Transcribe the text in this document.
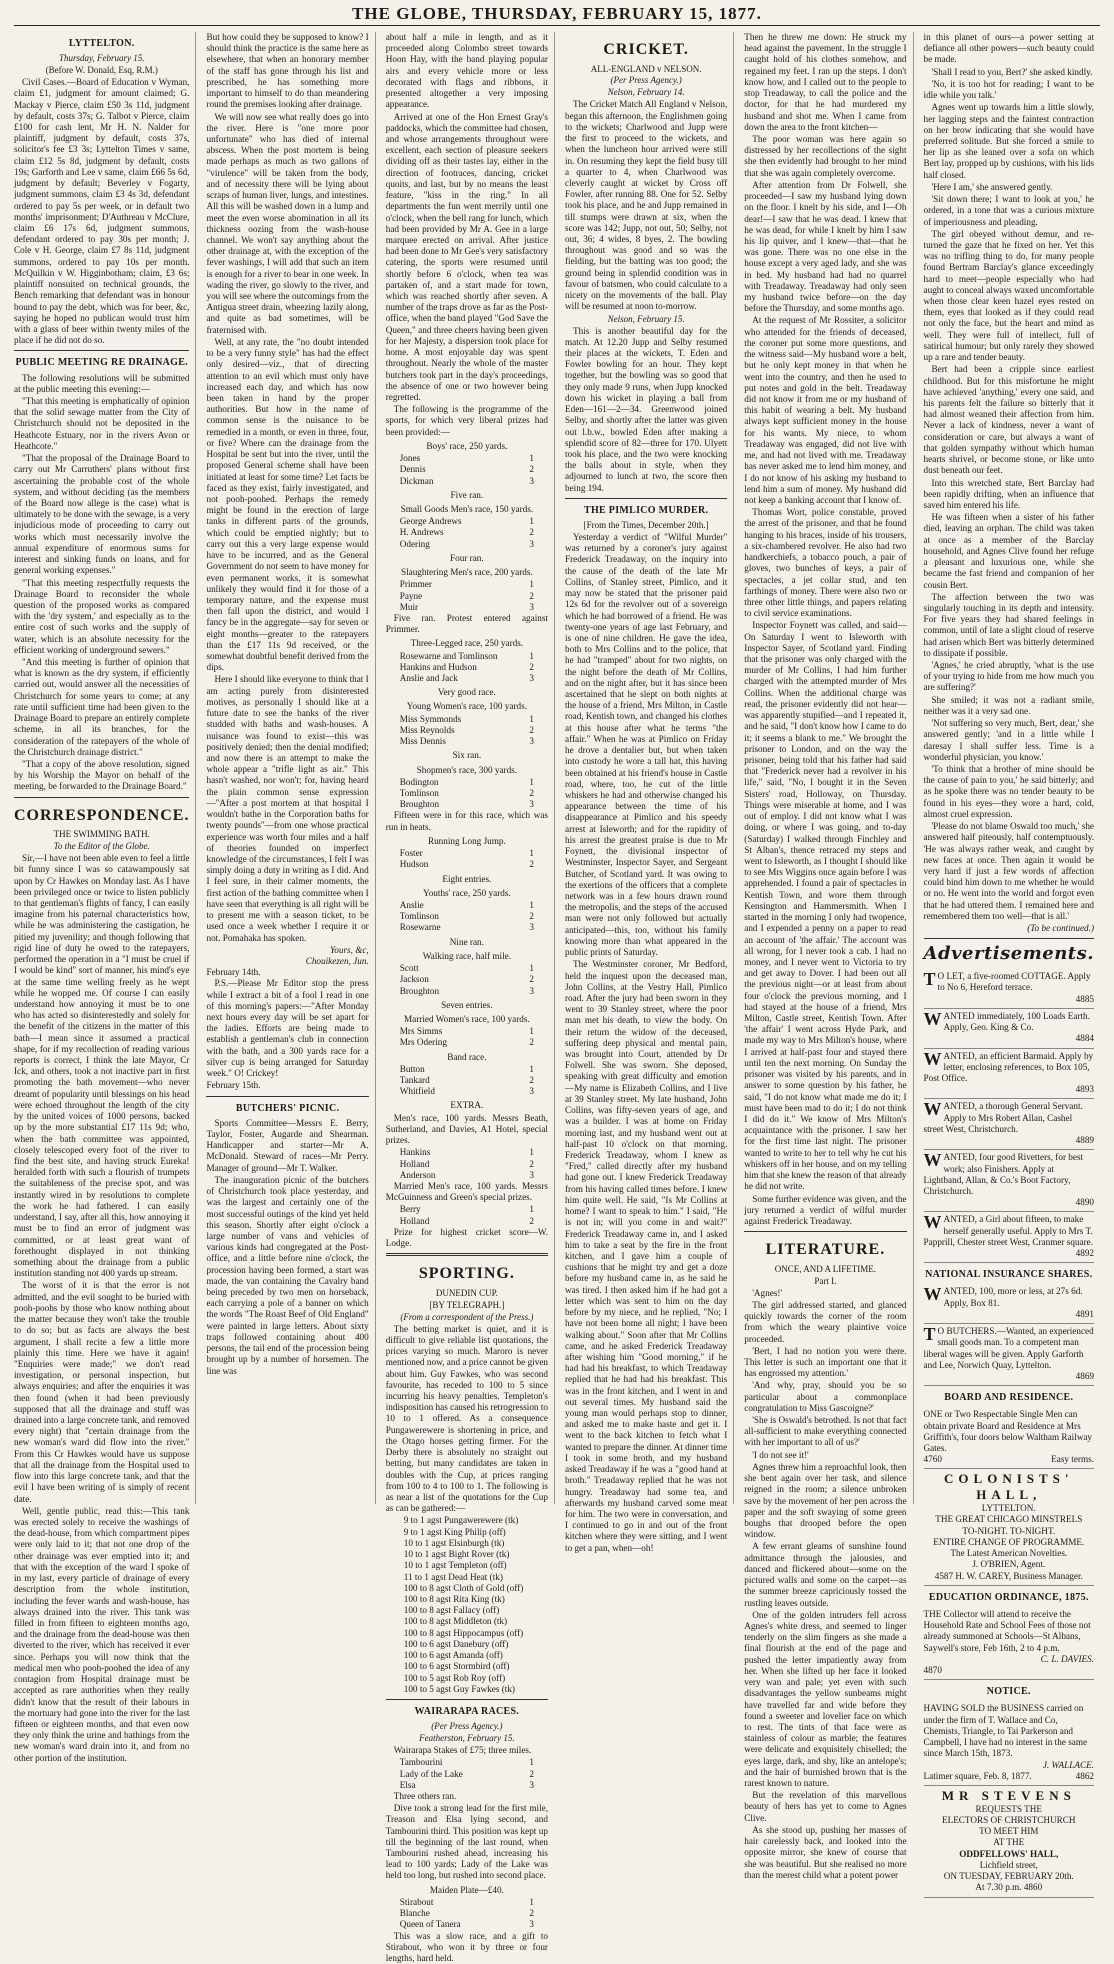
THE GLOBE, THURSDAY, FEBRUARY 15, 1877.
LYTTELTON.
Thursday, February 15.
(Before W. Donald, Esq, R.M.)

Civil Cases.—Board of Education v Wyman, claim £1, judgment for amount claimed; G. Mackay v Pierce, claim £50 3s 11d, judgment by default, costs 37s; G. Talbot v Pierce, claim £100 for cash lent, Mr H. N. Nalder for plaintiff, judgment by default, costs 37s, solicitor's fee £3 3s; Lyttelton Times v same, claim £12 5s 8d, judgment by default, costs 19s; Garforth and Lee v same, claim £66 5s 6d, judgment by default; Beverley v Fogarty, judgment summons, claim £3 4s 3d, defendant ordered to pay 5s per week, or in default two months' imprisonment; D'Authreau v McClure, claim £6 17s 6d, judgment summons, defendant ordered to pay 30s per month; J. Cole v H. George, claim £7 8s 11d, judgment summons, ordered to pay 10s per month. McQuilkin v W. Higginbotham; claim, £3 6s; plaintiff nonsuited on technical grounds, the Bench remarking that defendant was in honour bound to pay the debt, which was for beer, &c, saying he hoped no publican would trust him with a glass of beer within twenty miles of the place if he did not do so.

PUBLIC MEETING RE DRAINAGE.

The following resolutions will be submitted at the public meeting this evening:—

"That this meeting is emphatically of opinion that the solid sewage matter from the City of Christchurch should not be deposited in the Heathcote Estuary, nor in the rivers Avon or Heathcote."

"That the proposal of the Drainage Board to carry out Mr Carruthers' plans without first ascertaining the probable cost of the whole system, and without deciding (as the members of the Board now allege is the case) what is ultimately to be done with the sewage, is a very injudicious mode of proceeding to carry out works which must necessarily involve the annual expenditure of enormous sums for interest and sinking funds on loans, and for general working expenses."

"That this meeting respectfully requests the Drainage Board to reconsider the whole question of the proposed works as compared with the 'dry system,' and especially as to the entire cost of such works and the supply of water, which is an absolute necessity for the efficient working of underground sewers."

"And this meeting is further of opinion that what is known as the dry system, if efficiently carried out, would answer all the necessities of Christchurch for some years to come; at any rate until sufficient time had been given to the Drainage Board to prepare an entirely complete scheme, in all its branches, for the consideration of the ratepayers of the whole of the Christchurch drainage district."

"That a copy of the above resolution, signed by his Worship the Mayor on behalf of the meeting, be forwarded to the Drainage Board."

CORRESPONDENCE.
THE SWIMMING BATH.
To the Editor of the Globe.

Sir,—I have not been able even to feel a little bit funny since I was so catawampously sat upon by Cr Hawkes on Monday last. As I have been privileged once or twice to listen publicly to that gentleman's flights of fancy, I can easily imagine from his paternal characteristics how, while he was administering the castigation, he pitied my juvenility; and though following that rigid line of duty he owed to the ratepayers, performed the operation in a "I must be cruel if I would be kind" sort of manner, his mind's eye at the same time welling freely as he wept while he wopped me. Of course I can easily understand how annoying it must be to one who has acted so disinterestedly and solely for the benefit of the citizens in the matter of this bath—I mean since it assumed a practical shape, for if my recollection of reading various reports is correct, I think the late Mayor, Cr Ick, and others, took a not inactive part in first promoting the bath movement—who never dreamt of popularity until blessings on his head were echoed throughout the length of the city by the united voices of 1000 persons, backed up by the more substantial £17 11s 9d; who, when the bath committee was appointed, closely telescoped every foot of the river to find the best site, and having struck Eureka! heralded forth with such a flourish of trumpets the suitableness of the precise spot, and was instantly wired in by resolutions to complete the work he had fathered. I can easily understand, I say, after all this, how annoying it must be to find an error of judgment was committed, or at least great want of forethought displayed in not thinking something about the drainage from a public institution standing not 400 yards up stream.

The worst of it is that the error is not admitted, and the evil sought to be buried with pooh-poohs by those who know nothing about the matter because they won't take the trouble to do so; but as facts are always the best argument, I shall recite a few a little more plainly this time. Here we have it again! "Enquiries were made;" we don't read investigation, or personal inspection, but always enquiries; and after the enquiries it was then found (when it had been previously supposed that all the drainage and stuff was drained into a large concrete tank, and removed every night) that "certain drainage from the new woman's ward did flow into the river." From this Cr Hawkes would have us suppose that all the drainage from the Hospital used to flow into this large concrete tank, and that the evil I have been writing of is simply of recent date.

Well, gentle public, read this:—This tank was erected solely to receive the washings of the dead-house, from which compartment pipes were only laid to it; that not one drop of the other drainage was ever emptied into it; and that with the exception of the ward I spoke of in my last, every particle of drainage of every description from the whole institution, including the fever wards and wash-house, has always drained into the river. This tank was filled in from fifteen to eighteen months ago, and the drainage from the dead-house was then diverted to the river, which has received it ever since. Perhaps you will now think that the medical men who pooh-poohed the idea of any contagion from Hospital drainage must be accepted as rare authorities when they really didn't know that the result of their labours in the mortuary had gone into the river for the last fifteen or eighteen months, and that even now they only think the urine and bathings from the new woman's ward drain into it, and from no other portion of the institution.

But how could they be supposed to know? I should think the practice is the same here as elsewhere, that when an honorary member of the staff has gone through his list and prescribed, he has something more important to himself to do than meandering round the premises looking after drainage.

We will now see what really does go into the river. Here is "one more poor unfortunate" who has died of internal abscess. When the post mortem is being made perhaps as much as two gallons of "virulence" will be taken from the body, and of necessity there will be lying about scraps of human liver, lungs, and intestines. All this will be washed down in a lump and meet the even worse abomination in all its thickness oozing from the wash-house channel. We won't say anything about the other drainage at, with the exception of the fever washings, I will add that such an item is enough for a river to bear in one week. In wading the river, go slowly to the river, and you will see where the outcomings from the Antigua street drain, wheezing lazily along, and quite as bad sometimes, will be fraternised with.

Well, at any rate, the "no doubt intended to be a very funny style" has had the effect only desired—viz., that of directing attention to an evil which must only have increased each day, and which has now been taken in hand by the proper authorities. But how in the name of common sense is the nuisance to be remedied in a month, or even in three, four, or five? Where can the drainage from the Hospital be sent but into the river, until the proposed General scheme shall have been initiated at least for some time? Let facts be faced as they exist, fairly investigated, and not pooh-poohed. Perhaps the remedy might be found in the erection of large tanks in different parts of the grounds, which could be emptied nightly; but to carry out this a very large expense would have to be incurred, and as the General Government do not seem to have money for even permanent works, it is somewhat unlikely they would find it for those of a temporary nature, and the expense must then fall upon the district, and would I fancy be in the aggregate—say for seven or eight months—greater to the ratepayers than the £17 11s 9d received, or the somewhat doubtful benefit derived from the dips.

Here I should like everyone to think that I am acting purely from disinterested motives, as personally I should like at a future date to see the banks of the river studded with baths and wash-houses. A nuisance was found to exist—this was positively denied; then the denial modified; and now there is an attempt to make the whole appear a "trifle light as air." This hasn't washed, nor won't; for, having heard the plain common sense expression—"After a post mortem at that hospital I wouldn't bathe in the Corporation baths for twenty pounds"—from one whose practical experience was worth four miles and a half of theories founded on imperfect knowledge of the circumstances, I felt I was simply doing a duty in writing as I did. And I feel sure, in their calmer moments, the first action of the bathing committee when I have seen that everything is all right will be to present me with a season ticket, to be used once a week whether I require it or not. Pomahaka has spoken.

Yours, &c,
Chouikezen, Jun.
February 14th.

P.S.—Please Mr Editor stop the press while I extract a bit of a fool I read in one of this morning's papers:—"After Monday next hours every day will be set apart for the ladies. Efforts are being made to establish a gentleman's club in connection with the bath, and a 300 yards race for a silver cup is being arranged for Saturday week." O! Crickey!

February 15th.
BUTCHERS' PICNIC.

Sports Committee—Messrs E. Berry, Taylor, Foster, Augarde and Shearman. Handicapper and starter—Mr A. McDonald. Steward of races—Mr Perry. Manager of ground—Mr T. Walker.

The inauguration picnic of the butchers of Christchurch took place yesterday, and was the largest and certainly one of the most successful outings of the kind yet held this season. Shortly after eight o'clock a large number of vans and vehicles of various kinds had congregated at the Post-office, and a little before nine o'clock, the procession having been formed, a start was made, the van containing the Cavalry band being preceded by two men on horseback, each carrying a pole of a banner on which the words "The Roast Beef of Old England" were painted in large letters. About sixty traps followed containing about 400 persons, the tail end of the procession being brought up by a number of horsemen. The line was

about half a mile in length, and as it proceeded along Colombo street towards Hoon Hay, with the band playing popular airs and every vehicle more or less decorated with flags and ribbons, it presented altogether a very imposing appearance.

Arrived at one of the Hon Ernest Gray's paddocks, which the committee had chosen, and whose arrangements throughout were excellent, each section of pleasure seekers dividing off as their tastes lay, either in the direction of footraces, dancing, cricket quoits, and last, but by no means the least feature, "kiss in the ring." In all departments the fun went merrily until one o'clock, when the bell rang for lunch, which had been provided by Mr A. Gee in a large marquee erected on arrival. After justice had been done to Mr Gee's very satisfactory catering, the sports were resumed until shortly before 6 o'clock, when tea was partaken of, and a start made for town, which was reached shortly after seven. A number of the traps drove as far as the Post-office, when the band played "God Save the Queen," and three cheers having been given for her Majesty, a dispersion took place for home. A most enjoyable day was spent throughout. Nearly the whole of the master butchers took part in the day's proceedings, the absence of one or two however being regretted.

The following is the programme of the sports, for which very liberal prizes had been provided:—

Boys' race, 250 yards.
Jones	1
Dennis	2
Dickman	3
Five ran.
Small Goods Men's race, 150 yards.
George Andrews	1
H. Andrews	2
Odering	3
Four ran.
Slaughtering Men's race, 200 yards.
Primmer	1
Payne	2
Muir	3

Five ran. Protest entered against Primmer.

Three-Legged race, 250 yards.
Rosewarne and Tomlinson	1
Hankins and Hudson	2
Anslie and Jack	3
Very good race.
Young Women's race, 100 yards.
Miss Symmonds	1
Miss Reynolds	2
Miss Dennis	3
Six ran.
Shopmen's race, 300 yards.
Bodington	1
Tomlinson	2
Broughton	3

Fifteen were in for this race, which was run in heats.

Running Long Jump.
Foster	1
Hudson	2
Eight entries.
Youths' race, 250 yards.
Anslie	1
Tomlinson	2
Rosewarne	3
Nine ran.
Walking race, half mile.
Scott	1
Jackson	2
Broughton	3
Seven entries.
Married Women's race, 100 yards.
Mrs Simms	1
Mrs Odering	2
Band race.
Button	1
Tankard	2
Whitfield	3
EXTRA.

Men's race, 100 yards. Messrs Beath, Sutherland, and Davies, A1 Hotel, special prizes.

Hankins	1
Holland	2
Anderson	3

Married Men's race, 100 yards. Messrs McGuinness and Green's special prizes.

Berry	1
Holland	2

Prize for highest cricket score—W. Lodge.

SPORTING.
DUNEDIN CUP.
[BY TELEGRAPH.]
(From a correspondent of the Press.)

The betting market is quiet, and it is difficult to give reliable list quotations, the prices varying so much. Maroro is never mentioned now, and a price cannot be given about him. Guy Fawkes, who was second favourite, has receded to 100 to 5 since incurring his heavy penalties. Templeton's indisposition has caused his retrogression to 10 to 1 offered. As a consequence Pungawerewere is shortening in price, and the Otago horses getting firmer. For the Derby there is absolutely no straight out betting, but many candidates are taken in doubles with the Cup, at prices ranging from 100 to 4 to 100 to 1. The following is as near a list of the quotations for the Cup as can be gathered:—

9 to 1 agst Pungawerewere (tk)
9 to 1 agst King Philip (off)
10 to 1 agst Elsinburgh (tk)
10 to 1 agst Bight Rover (tk)
10 to 1 agst Templeton (off)
11 to 1 agst Dead Heat (tk)
100 to 8 agst Cloth of Gold (off)
100 to 8 agst Rita King (tk)
100 to 8 agst Fallacy (off)
100 to 8 agst Middleton (tk)
100 to 8 agst Hippocampus (off)
100 to 6 agst Danebury (off)
100 to 6 agst Amanda (off)
100 to 6 agst Stormbird (off)
100 to 5 agst Rob Roy (off)
100 to 5 agst Guy Fawkes (tk)
WAIRARAPA RACES.
(Per Press Agency.)
Featherston, February 15.

Wairarapa Stakes of £75; three miles.

Tambourini	1
Lady of the Lake	2
Elsa	3

Three others ran.

Dive took a strong lead for the first mile, Treason and Elsa lying second, and Tambourini third. This position was kept up till the beginning of the last round, when Tambourini rushed ahead, increasing his lead to 100 yards; Lady of the Lake was held too long, but rushed into second place.

Maiden Plate—£40.
Stirabout	1
Blanche	2
Queen of Tanera	3

This was a slow race, and a gift to Stirabout, who won it by three or four lengths, hard held.

CRICKET.
ALL-ENGLAND v NELSON.
(Per Press Agency.)
Nelson, February 14.

The Cricket Match All England v Nelson, began this afternoon, the Englishmen going to the wickets; Charlwood and Jupp were the first to proceed to the wickets, and when the luncheon hour arrived were still in. On resuming they kept the field busy till a quarter to 4, when Charlwood was cleverly caught at wicket by Cross off Fowler, after running 88. One for 52. Selby took his place, and he and Jupp remained in till stumps were drawn at six, when the score was 142; Jupp, not out, 50; Selby, not out, 36; 4 wides, 8 byes, 2. The bowling throughout was good and so was the fielding, but the batting was too good; the ground being in splendid condition was in favour of batsmen, who could calculate to a nicety on the movements of the ball. Play will be resumed at noon to-morrow.

Nelson, February 15.

This is another beautiful day for the match. At 12.20 Jupp and Selby resumed their places at the wickets, T. Eden and Fowler bowling for an hour. They kept together, but the bowling was so good that they only made 9 runs, when Jupp knocked down his wicket in playing a ball from Eden—161—2—34. Greenwood joined Selby, and shortly after the latter was given out l.b.w., bowled Eden after making a splendid score of 82—three for 170. Ulyett took his place, and the two were knocking the balls about in style, when they adjourned to lunch at two, the score then being 194.

THE PIMLICO MURDER.
[From the Times, December 20th.]

Yesterday a verdict of "Wilful Murder" was returned by a coroner's jury against Frederick Treadaway, on the inquiry into the cause of the death of the late Mr Collins, of Stanley street, Pimlico, and it may now be stated that the prisoner paid 12s 6d for the revolver out of a sovereign which he had borrowed of a friend. He was twenty-one years of age last February, and is one of nine children. He gave the idea, both to Mrs Collins and to the police, that he had "tramped" about for two nights, on the night before the death of Mr Collins, and on the night after, but it has since been ascertained that he slept on both nights at the house of a friend, Mrs Milton, in Castle road, Kentish town, and changed his clothes at this house after what he terms "the affair." When he was at Pimlico on Friday he drove a dentalier but, but when taken into custody he wore a tall hat, this having been obtained at his friend's house in Castle road, where, too, he cut of the little whiskers he had and otherwise changed his appearance between the time of his disappearance at Pimlico and his speedy arrest at Isleworth; and for the rapidity of his arrest the greatest praise is due to Mr Foynett, the divisional inspector of Westminster, Inspector Sayer, and Sergeant Butcher, of Scotland yard. It was owing to the exertions of the officers that a complete network was in a few hours drawn round the metropolis, and the steps of the accused man were not only followed but actually anticipated—this, too, without his family knowing more than what appeared in the public prints of Saturday.

The Westminster coroner, Mr Bedford, held the inquest upon the deceased man, John Collins, at the Vestry Hall, Pimlico road. After the jury had been sworn in they went to 39 Stanley street, where the poor man met his death, to view the body. On their return the widow of the deceased, suffering deep physical and mental pain, was brought into Court, attended by Dr Folwell. She was sworn. She deposed, speaking with great difficulty and emotion—My name is Elizabeth Collins, and I live at 39 Stanley street. My late husband, John Collins, was fifty-seven years of age, and was a builder. I was at home on Friday morning last, and my husband went out at half-past 10 o'clock on that morning. Frederick Treadaway, whom I knew as "Fred," called directly after my husband had gone out. I knew Frederick Treadaway from his having called times before. I knew him quite well. He said, "Is Mr Collins at home? I want to speak to him." I said, "He is not in; will you come in and wait?" Frederick Treadaway came in, and I asked him to take a seat by the fire in the front kitchen, and I gave him a couple of cushions that he might try and get a doze before my husband came in, as he said he was tired. I then asked him if he had got a letter which was sent to him on the day before by my niece, and he replied, "No; I have not been home all night; I have been walking about." Soon after that Mr Collins came, and he asked Frederick Treadaway after wishing him "Good morning," if he had had his breakfast, to which Treadaway replied that he had had his breakfast. This was in the front kitchen, and I went in and out several times. My husband said the young man would perhaps stop to dinner, and asked me to make haste and get it. I went to the back kitchen to fetch what I wanted to prepare the dinner. At dinner time I took in some broth, and my husband asked Treadaway if he was a "good hand at broth." Treadaway replied that he was not hungry. Treadaway had some tea, and afterwards my husband carved some meat for him. The two were in conversation, and I continued to go in and out of the front kitchen where they were sitting, and I went to get a pan, when—oh!

Then he threw me down: He struck my head against the pavement. In the struggle I caught hold of his clothes somehow, and regained my feet. I ran up the steps. I don't know how, and I called out to the people to stop Treadaway, to call the police and the doctor, for that he had murdered my husband and shot me. When I came from down the area to the front kitchen—

The poor woman was here again so distressed by her recollections of the sight she then evidently had brought to her mind that she was again completely overcome.

After attention from Dr Folwell, she proceeded—I saw my husband lying down on the floor. I knelt by his side, and I—Oh dear!—I saw that he was dead. I knew that he was dead, for while I knelt by him I saw his lip quiver, and I knew—that—that he was gone. There was no one else in the house except a very aged lady, and she was in bed. My husband had had no quarrel with Treadaway. Treadaway had only seen my husband twice before—on the day before the Thursday, and some months ago.

At the request of Mr Rossiter, a solicitor who attended for the friends of deceased, the coroner put some more questions, and the witness said—My husband wore a belt, but he only kept money in that when he went into the country, and then he used to put notes and gold in the belt. Treadaway did not know it from me or my husband of this habit of wearing a belt. My husband always kept sufficient money in the house for his wants. My niece, to whom Treadaway was engaged, did not live with me, and had not lived with me. Treadaway has never asked me to lend him money, and I do not know of his asking my husband to lend him a sum of money. My husband did not keep a banking account that I know of.

Thomas Wort, police constable, proved the arrest of the prisoner, and that he found hanging to his braces, inside of his trousers, a six-chambered revolver. He also had two handkerchiefs, a tobacco pouch, a pair of gloves, two bunches of keys, a pair of spectacles, a jet collar stud, and ten farthings of money. There were also two or three other little things, and papers relating to civil service examinations.

Inspector Foynett was called, and said—On Saturday I went to Isleworth with Inspector Sayer, of Scotland yard. Finding that the prisoner was only charged with the murder of Mr Collins, I had him further charged with the attempted murder of Mrs Collins. When the additional charge was read, the prisoner evidently did not hear—was apparently stupified—and I repeated it, and he said, "I don't know how I came to do it; it seems a blank to me." We brought the prisoner to London, and on the way the prisoner, being told that his father had said that "Frederick never had a revolver in his life," said, "No, I bought it in the Seven Sisters' road, Holloway, on Thursday. Things were miserable at home, and I was out of employ. I did not know what I was doing, or where I was going, and to-day (Saturday) I walked through Finchley and St Alban's, thence retraced my steps and went to Isleworth, as I thought I should like to see Mrs Wiggins once again before I was apprehended. I found a pair of spectacles in Kentish Town, and wore them through Kensington and Hammersmith. When I started in the morning I only had twopence, and I expended a penny on a paper to read an account of 'the affair.' The account was all wrong, for I never took a cab. I had no money, and I never went to Victoria to try and get away to Dover. I had been out all the previous night—or at least from about four o'clock the previous morning, and I had stayed at the house of a friend, Mrs Milton, Castle street, Kentish Town. After 'the affair' I went across Hyde Park, and made my way to Mrs Milton's house, where I arrived at half-past four and stayed there until ten the next morning. On Sunday the prisoner was visited by his parents, and in answer to some question by his father, he said, "I do not know what made me do it; I must have been mad to do it; I do not think I did do it." We know of Mrs Milton's acquaintance with the prisoner. I saw her for the first time last night. The prisoner wanted to write to her to tell why he cut his whiskers off in her house, and on my telling him that she knew the reason of that already he did not write.

Some further evidence was given, and the jury returned a verdict of wilful murder against Frederick Treadaway.

LITERATURE.
ONCE, AND A LIFETIME.
Part I.

'Agnes!'

The girl addressed started, and glanced quickly towards the corner of the room from which the weary plaintive voice proceeded.

'Bert, I had no notion you were there. This letter is such an important one that it has engrossed my attention.'

'And why, pray, should you be so particular about a commonplace congratulation to Miss Gascoigne?'

'She is Oswald's betrothed. Is not that fact all-sufficient to make everything connected with her important to all of us?'

'I do not see it!'

Agnes threw him a reproachful look, then she bent again over her task, and silence reigned in the room; a silence unbroken save by the movement of her pen across the paper and the soft swaying of some green boughs that drooped before the open window.

A few errant gleams of sunshine found admittance through the jalousies, and danced and flickered about—some on the pictured walls and some on the carpet—as the summer breeze capriciously tossed the rustling leaves outside.

One of the golden intruders fell across Agnes's white dress, and seemed to linger tenderly on the slim fingers as she made a final flourish at the end of the page and pushed the letter impatiently away from her. When she lifted up her face it looked very wan and pale; yet even with such disadvantages the yellow sunbeams might have travelled far and wide before they found a sweeter and lovelier face on which to rest. The tints of that face were as stainless of colour as marble; the features were delicate and exquisitely chiselled; the eyes large, dark, and shy, like an antelope's; and the hair of burnished brown that is the rarest known to nature.

But the revelation of this marvellous beauty of hers has yet to come to Agnes Clive.

As she stood up, pushing her masses of hair carelessly back, and looked into the opposite mirror, she knew of course that she was beautiful. But she realised no more than the merest child what a potent power

in this planet of ours—a power setting at defiance all other powers—such beauty could be made.

'Shall I read to you, Bert?' she asked kindly.

'No, it is too hot for reading; I want to be idle while you talk.'

Agnes went up towards him a little slowly, her lagging steps and the faintest contraction on her brow indicating that she would have preferred solitude. But she forced a smile to her lip as she leaned over a sofa on which Bert lay, propped up by cushions, with his lids half closed.

'Here I am,' she answered gently.

'Sit down there; I want to look at you,' he ordered, in a tone that was a curious mixture of imperiousness and pleading.

The girl obeyed without demur, and re-turned the gaze that he fixed on her. Yet this was no trifling thing to do, for many people found Bertram Barclay's glance exceedingly hard to meet—people especially who had aught to conceal always waxed uncomfortable when those clear keen hazel eyes rested on them, eyes that looked as if they could read not only the face, but the heart and mind as well. They were full of intellect, full of satirical humour; but only rarely they showed up a rare and tender beauty.

Bert had been a cripple since earliest childhood. But for this misfortune he might have achieved 'anything,' every one said, and his parents felt the failure so bitterly that it had almost weaned their affection from him. Never a lack of kindness, never a want of consideration or care, but always a want of that golden sympathy without which human hearts shrivel, or become stone, or like unto dust beneath our feet.

Into this wretched state, Bert Barclay had been rapidly drifting, when an influence that saved him entered his life.

He was fifteen when a sister of his father died, leaving an orphan. The child was taken at once as a member of the Barclay household, and Agnes Clive found her refuge a pleasant and luxurious one, while she became the fast friend and companion of her cousin Bert.

The affection between the two was singularly touching in its depth and intensity. For five years they had shared feelings in common, until of late a slight cloud of reserve had arisen which Bert was bitterly determined to dissipate if possible.

'Agnes,' he cried abruptly, 'what is the use of your trying to hide from me how much you are suffering?'

She smiled; it was not a radiant smile, neither was it a very sad one.

'Not suffering so very much, Bert, dear,' she answered gently; 'and in a little while I daresay I shall suffer less. Time is a wonderful physician, you know.'

'To think that a brother of mine should be the cause of pain to you,' he said bitterly; and as he spoke there was no tender beauty to be found in his eyes—they wore a hard, cold, almost cruel expression.

'Please do not blame Oswald too much,' she answered half piteously, half contemptuously. 'He was always rather weak, and caught by new faces at once. Then again it would be very hard if just a few words of affection could bind him down to me whether he would or no. He went into the world and forgot even that he had uttered them. I remained here and remembered them too well—that is all.'

(To be continued.)
Advertisements.
T O LET, a five-roomed COTTAGE. Apply to No 6, Hereford terrace.
4885
WANTED immediately, 100 Loads Earth. Apply, Geo. King & Co.
4884
WANTED, an efficient Barmaid. Apply by letter, enclosing references, to Box 105, Post Office.
4893
WANTED, a thorough General Servant. Apply to Mrs Robert Allan, Cashel street West, Christchurch.
4889
WANTED, four good Rivetters, for best work; also Finishers. Apply at Lightband, Allan, & Co.'s Boot Factory, Christchurch.
4890
WANTED, a Girl about fifteen, to make herself generally useful. Apply to Mrs T. Papprill, Chester street West, Cranmer square.
4892
NATIONAL INSURANCE SHARES.
WANTED, 100, more or less, at 27s 6d. Apply, Box 81.
4891
T O BUTCHERS.—Wanted, an experienced small goods man. To a competent man liberal wages will be given. Apply Garforth and Lee, Norwich Quay, Lyttelton.
4869
BOARD AND RESIDENCE.
ONE or Two Respectable Single Men can obtain private Board and Residence at Mrs Griffith's, four doors below Waltham Railway Gates.
4760	Easy terms.
COLONISTS' HALL,
LYTTELTON.
THE GREAT CHICAGO MINSTRELS
TO-NIGHT. TO-NIGHT.
ENTIRE CHANGE OF PROGRAMME.
The Latest American Novelties.
J. O'BRIEN, Agent.
4587 H. W. CAREY, Business Manager.
EDUCATION ORDINANCE, 1875.
THE Collector will attend to receive the Household Rate and School Fees of those not already summoned at Schools—St Albans, Saywell's store, Feb 16th, 2 to 4 p.m.
C. L. DAVIES.
4870
NOTICE.
HAVING SOLD the BUSINESS carried on under the firm of T. Wallace and Co, Chemists, Triangle, to Tai Parkerson and Campbell, I have had no interest in the same since March 15th, 1873.
J. WALLACE.
Latimer square, Feb. 8, 1877.	4862
MR STEVENS
REQUESTS THE
ELECTORS OF CHRISTCHURCH
TO MEET HIM
AT THE
ODDFELLOWS' HALL,
Lichfield street,
ON TUESDAY, FEBRUARY 20th.
At 7.30 p.m. 4860
